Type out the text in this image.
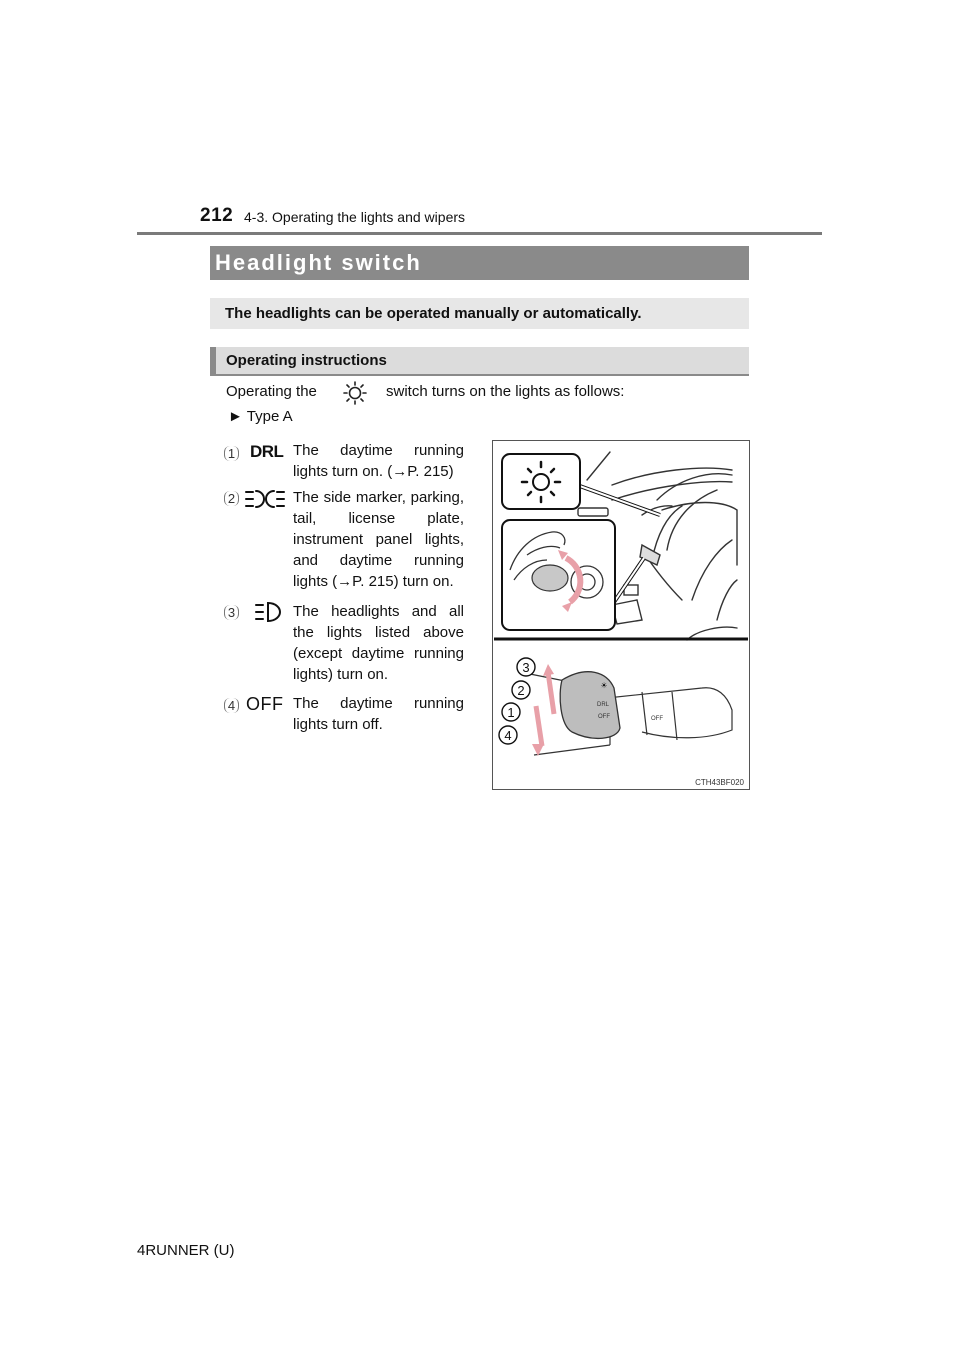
212 4-3. Operating the lights and wipers
Headlight switch
The headlights can be operated manually or automatically.
Operating instructions
Operating the	switch turns on the lights as follows:
► Type A
1 DRL The daytime running lights turn on. (→P. 215)
2	The side marker, parking, tail, license plate, instrument panel lights, and daytime running lights (→P. 215) turn on.
3	The headlights and all the lights listed above (except daytime running lights) turn on.
4 OFF The daytime running lights turn off.
☀
DRL
OFF	OFF
3
2
1
4
CTH43BF020
4RUNNER (U)
